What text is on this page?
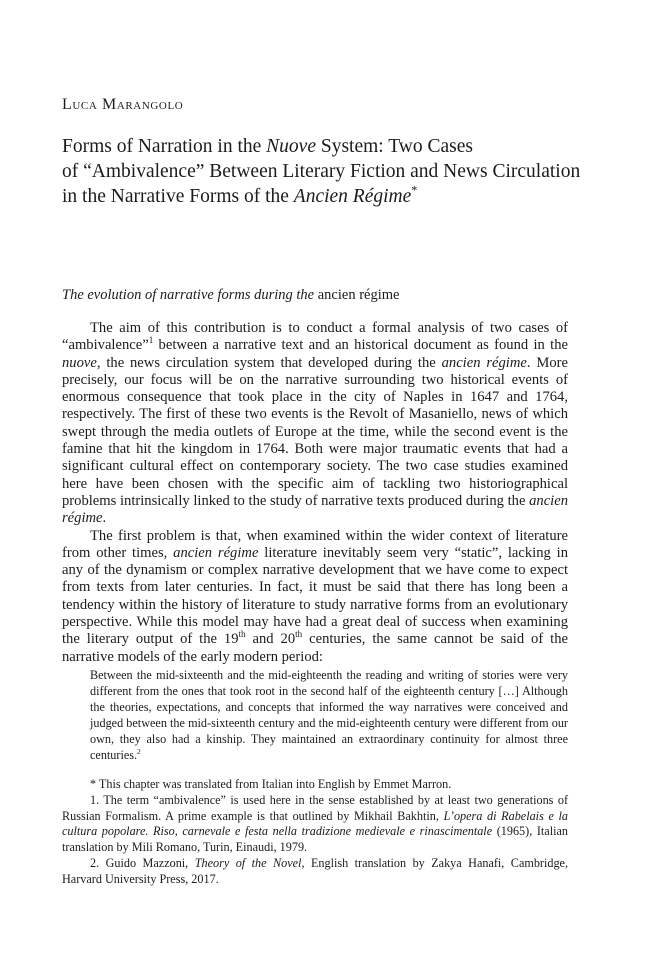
Luca Marangolo
Forms of Narration in the Nuove System: Two Cases
of “Ambivalence” Between Literary Fiction and News Circulation
in the Narrative Forms of the Ancien Régime*
The evolution of narrative forms during the ancien régime

The aim of this contribution is to conduct a formal analysis of two cases of “ambivalence”$^1$ between a narrative text and an historical document as found in the nuove, the news circulation system that developed during the ancien régime. More precisely, our focus will be on the narrative surrounding two historical events of enormous consequence that took place in the city of Naples in 1647 and 1764, respectively. The first of these two events is the Revolt of Masaniello, news of which swept through the media outlets of Europe at the time, while the second event is the famine that hit the kingdom in 1764. Both were major traumatic events that had a significant cultural effect on contemporary society. The two case studies examined here have been chosen with the specific aim of tackling two historiographical problems intrinsically linked to the study of narrative texts produced during the ancien régime.

The first problem is that, when examined within the wider context of literature from other times, ancien régime literature inevitably seem very “static”, lacking in any of the dynamism or complex narrative development that we have come to expect from texts from later centuries. In fact, it must be said that there has long been a tendency within the history of literature to study narrative forms from an evolutionary perspective. While this model may have had a great deal of success when examining the literary output of the 19th and 20th centuries, the same cannot be said of the narrative models of the early modern period:

Between the mid-sixteenth and the mid-eighteenth the reading and writing of stories were very different from the ones that took root in the second half of the eighteenth century […] Although the theories, expectations, and concepts that informed the way narratives were conceived and judged between the mid-sixteenth century and the mid-eighteenth century were different from our own, they also had a kinship. They maintained an extraordinary continuity for almost three centuries.$^2$

* This chapter was translated from Italian into English by Emmet Marron.

1. The term “ambivalence” is used here in the sense established by at least two generations of Russian Formalism. A prime example is that outlined by Mikhail Bakhtin, L’opera di Rabelais e la cultura popolare. Riso, carnevale e festa nella tradizione medievale e rinascimentale (1965), Italian translation by Mili Romano, Turin, Einaudi, 1979.

2. Guido Mazzoni, Theory of the Novel, English translation by Zakya Hanafi, Cambridge, Harvard University Press, 2017.
